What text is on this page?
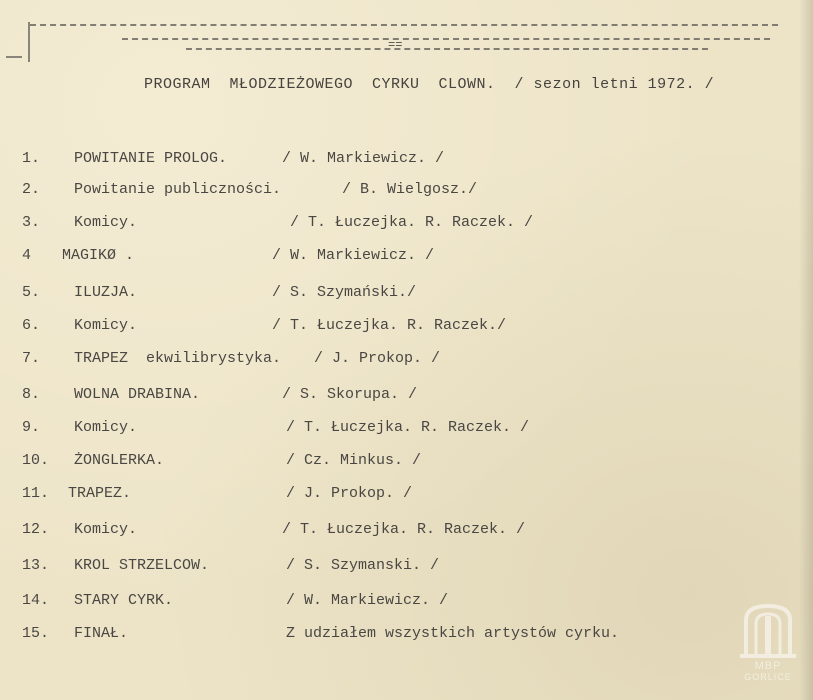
==
PROGRAM  MŁODZIEŻOWEGO  CYRKU  CLOWN.  / sezon letni 1972. /
1. POWITANIE PROLOG.	/ W. Markiewicz. /
2. Powitanie publiczności.	/ B. Wielgosz./
3. Komicy.	/ T. Łuczejka. R. Raczek. /
4 MAGIKØ .	/ W. Markiewicz. /
5. ILUZJA.	/ S. Szymański./
6. Komicy.	/ T. Łuczejka. R. Raczek./
7. TRAPEZ  ekwilibrystyka. / J. Prokop. /
8. WOLNA DRABINA.	/ S. Skorupa. /
9. Komicy.	/ T. Łuczejka. R. Raczek. /
10. ŻONGLERKA.	/ Cz. Minkus. /
11. TRAPEZ.	/ J. Prokop. /
12. Komicy.	/ T. Łuczejka. R. Raczek. /
13. KROL STRZELCOW.	/ S. Szymanski. /
14. STARY CYRK.	/ W. Markiewicz. /
15. FINAŁ.	Z udziałem wszystkich artystów cyrku.
MBP
GORLICE
